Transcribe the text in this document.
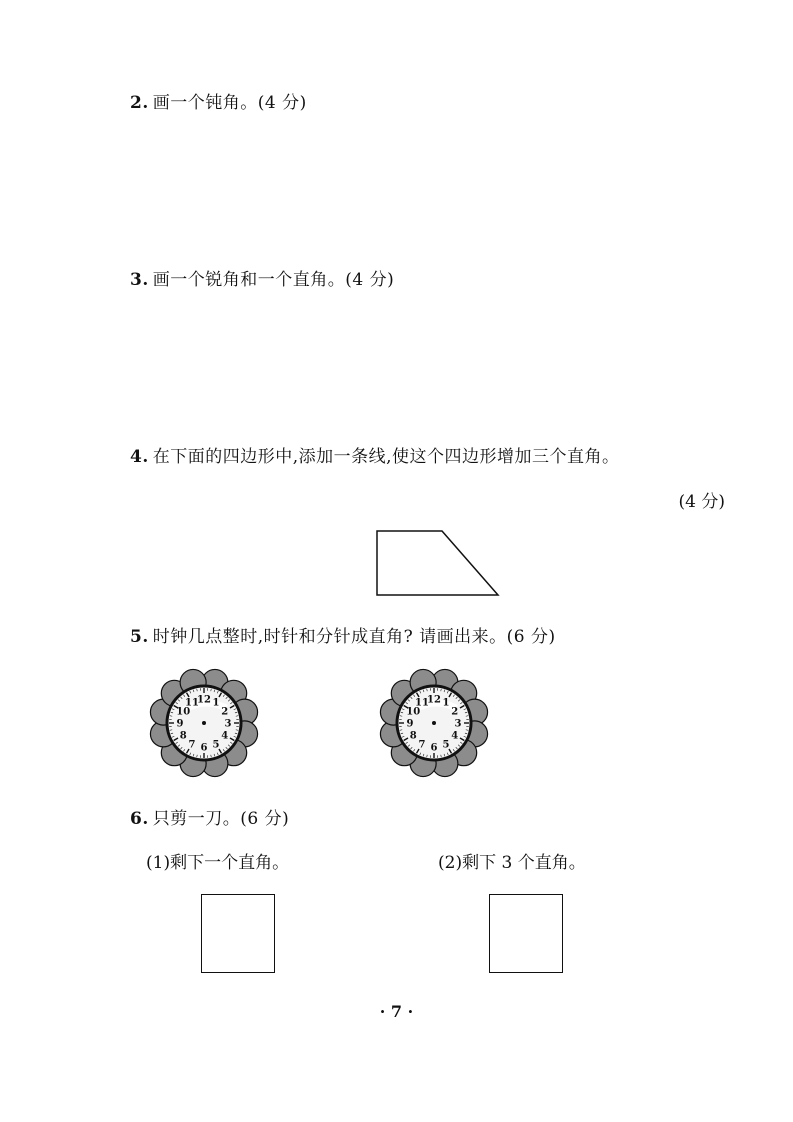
2. 画一个钝角。(4 分)
3. 画一个锐角和一个直角。(4 分)
4. 在下面的四边形中,添加一条线,使这个四边形增加三个直角。
(4 分)
5. 时钟几点整时,时针和分针成直角? 请画出来。(6 分)
12 1
2
3
4
5
6
7
8
9
10
11	12 1
2
3
4
5
6
7
8
9
10
11
6. 只剪一刀。(6 分)
(1)剩下一个直角。	(2)剩下 3 个直角。
· 7 ·
